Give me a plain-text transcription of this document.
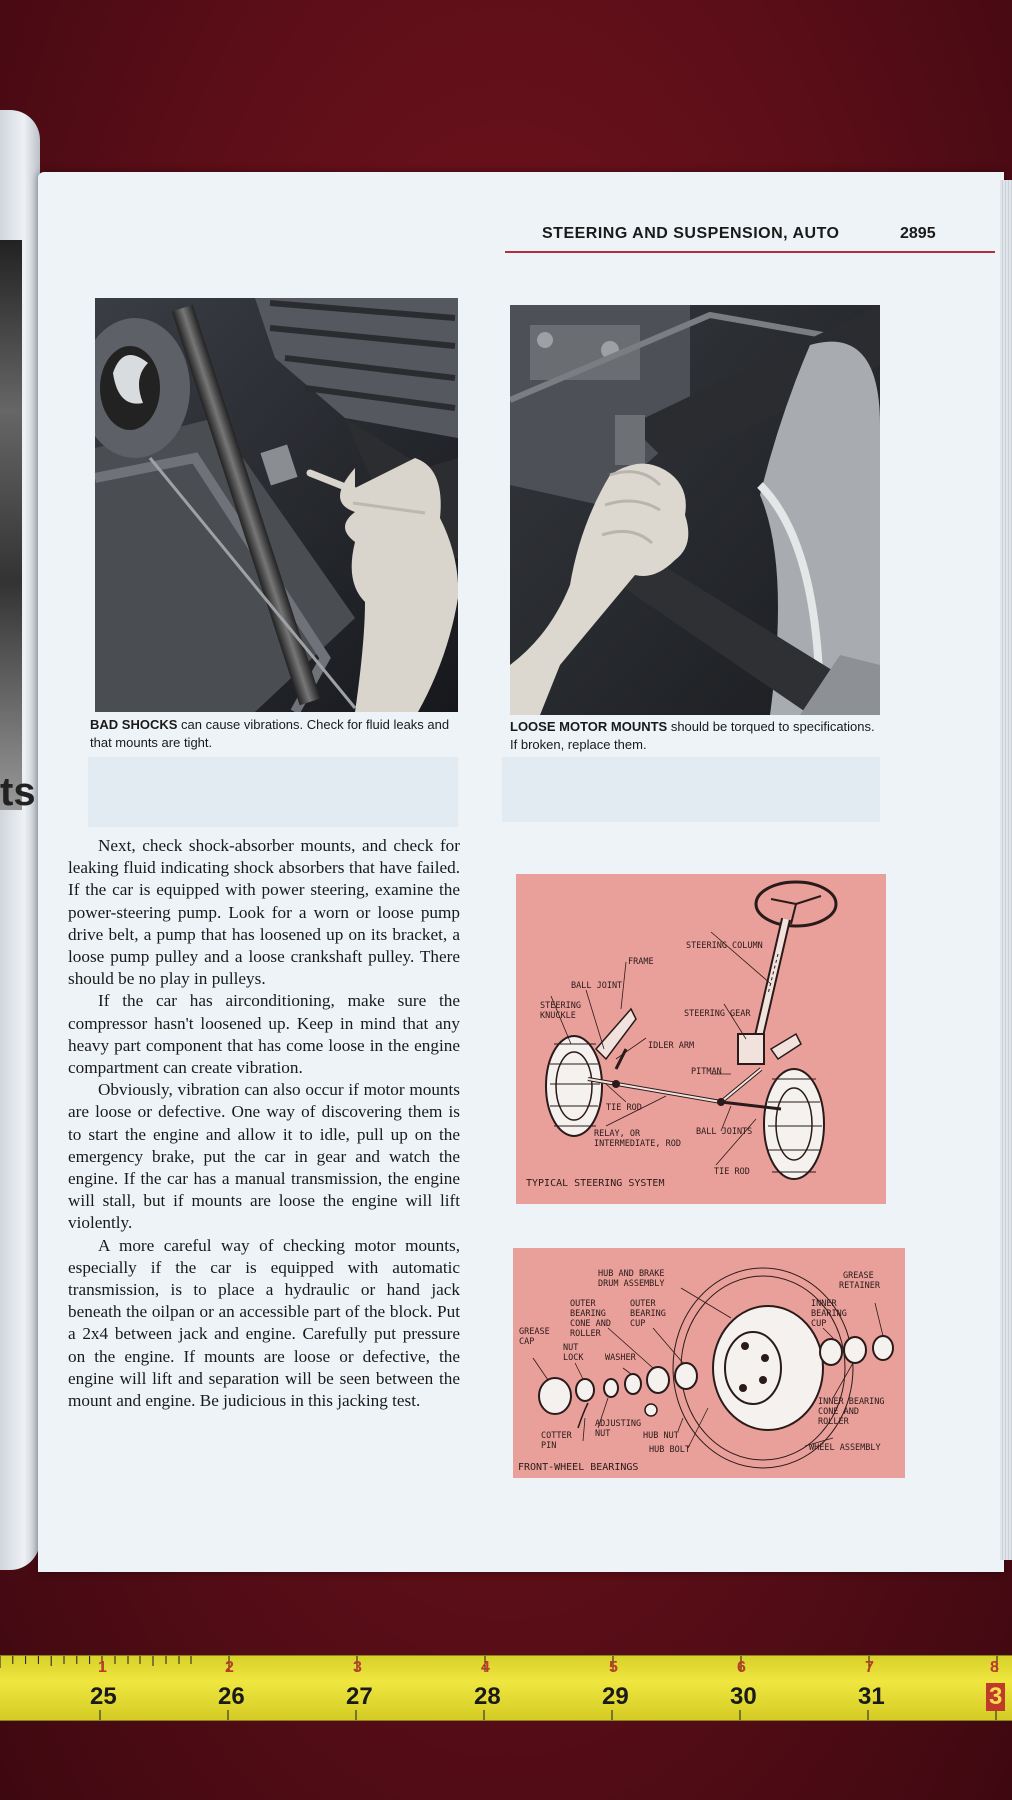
ts
STEERING AND SUSPENSION, AUTO	2895
BAD SHOCKS can cause vibrations. Check for fluid leaks and that mounts are tight.
LOOSE MOTOR MOUNTS should be torqued to specifications. If broken, replace them.

Next, check shock-absorber mounts, and check for leaking fluid indicating shock absorbers that have failed. If the car is equipped with power steering, examine the power-steering pump. Look for a worn or loose pump drive belt, a pump that has loosened up on its bracket, a loose pump pulley and a loose crankshaft pulley. There should be no play in pulleys.

If the car has airconditioning, make sure the compressor hasn't loosened up. Keep in mind that any heavy part component that has come loose in the engine compartment can create vibration.

Obviously, vibration can also occur if motor mounts are loose or defective. One way of discovering them is to start the engine and allow it to idle, pull up on the emergency brake, put the car in gear and watch the engine. If the car has a manual transmission, the engine will stall, but if mounts are loose the engine will lift violently.

A more careful way of checking motor mounts, especially if the car is equipped with automatic transmission, is to place a hydraulic or hand jack beneath the oilpan or an accessible part of the block. Put a 2x4 between jack and engine. Carefully put pressure on the engine. If mounts are loose or defective, the engine will lift and separation will be seen between the mount and engine. Be judicious in this jacking test.

STEERING COLUMN
FRAME
BALL JOINT
STEERING
KNUCKLE	STEERING GEAR
IDLER ARM
PITMAN
TIE ROD
RELAY, OR
INTERMEDIATE, ROD
BALL JOINTS
TIE ROD
TYPICAL STEERING SYSTEM
HUB AND BRAKE
DRUM ASSEMBLY
GREASE
RETAINER
OUTER
BEARING
CONE AND
ROLLER
OUTER
BEARING
CUP
INNER
BEARING
CUP
GREASE
CAP
NUT
LOCK	WASHER
INNER BEARING
CONE AND
ROLLER
ADJUSTING
NUT
COTTER
PIN
HUB NUT
HUB BOLT	WHEEL ASSEMBLY
FRONT-WHEEL BEARINGS
1	2	3	4	5	6	7	8
25	26	27	28	29	30	31	3
